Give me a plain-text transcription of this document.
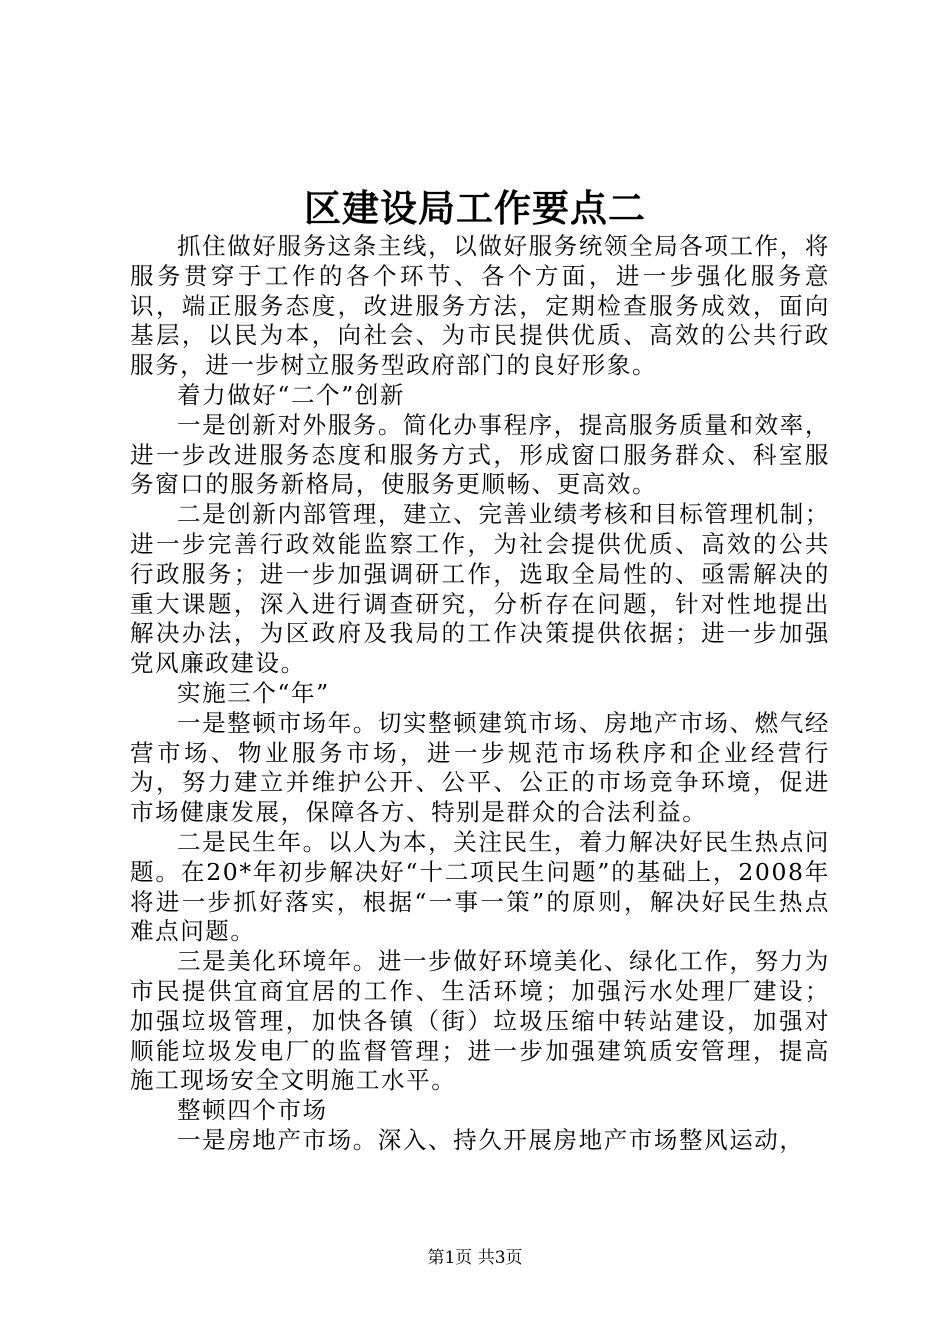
区建设局工作要点二

抓住做好服务这条主线，以做好服务统领全局各项工作，将服务贯穿于工作的各个环节、各个方面，进一步强化服务意识，端正服务态度，改进服务方法，定期检查服务成效，面向基层，以民为本，向社会、为市民提供优质、高效的公共行政服务，进一步树立服务型政府部门的良好形象。

着力做好“二个”创新

一是创新对外服务。简化办事程序，提高服务质量和效率，进一步改进服务态度和服务方式，形成窗口服务群众、科室服务窗口的服务新格局，使服务更顺畅、更高效。

二是创新内部管理，建立、完善业绩考核和目标管理机制；进一步完善行政效能监察工作，为社会提供优质、高效的公共行政服务；进一步加强调研工作，选取全局性的、亟需解决的重大课题，深入进行调查研究，分析存在问题，针对性地提出解决办法，为区政府及我局的工作决策提供依据；进一步加强党风廉政建设。

实施三个“年”

一是整顿市场年。切实整顿建筑市场、房地产市场、燃气经营市场、物业服务市场，进一步规范市场秩序和企业经营行为，努力建立并维护公开、公平、公正的市场竞争环境，促进市场健康发展，保障各方、特别是群众的合法利益。

二是民生年。以人为本，关注民生，着力解决好民生热点问题。在20*年初步解决好“十二项民生问题”的基础上，2008年将进一步抓好落实，根据“一事一策”的原则，解决好民生热点难点问题。

三是美化环境年。进一步做好环境美化、绿化工作，努力为市民提供宜商宜居的工作、生活环境；加强污水处理厂建设；加强垃圾管理，加快各镇（街）垃圾压缩中转站建设，加强对顺能垃圾发电厂的监督管理；进一步加强建筑质安管理，提高施工现场安全文明施工水平。

整顿四个市场

一是房地产市场。深入、持久开展房地产市场整风运动，

第1页 共3页
